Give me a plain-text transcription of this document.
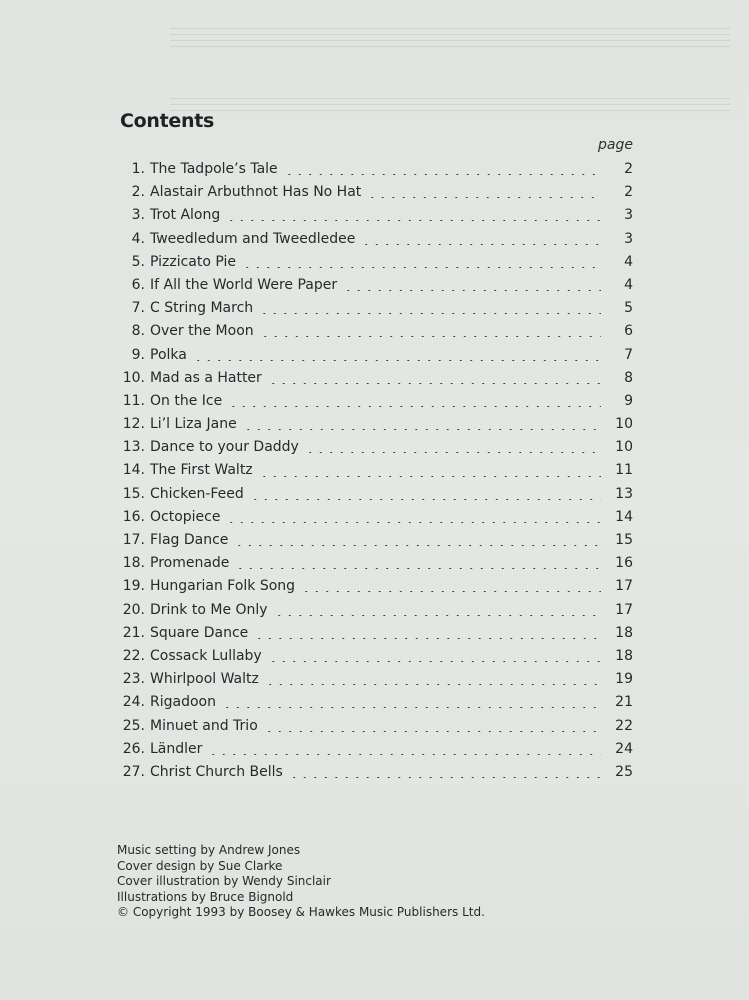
Contents
page
1. The Tadpole’s Tale	2
2. Alastair Arbuthnot Has No Hat	2
3. Trot Along	3
4. Tweedledum and Tweedledee	3
5. Pizzicato Pie	4
6. If All the World Were Paper	4
7. C String March	5
8. Over the Moon	6
9. Polka	7
10. Mad as a Hatter	8
11. On the Ice	9
12. Li’l Liza Jane	10
13. Dance to your Daddy	10
14. The First Waltz	11
15. Chicken-Feed	13
16. Octopiece	14
17. Flag Dance	15
18. Promenade	16
19. Hungarian Folk Song	17
20. Drink to Me Only	17
21. Square Dance	18
22. Cossack Lullaby	18
23. Whirlpool Waltz	19
24. Rigadoon	21
25. Minuet and Trio	22
26. Ländler	24
27. Christ Church Bells	25
Music setting by Andrew Jones
Cover design by Sue Clarke
Cover illustration by Wendy Sinclair
Illustrations by Bruce Bignold
© Copyright 1993 by Boosey & Hawkes Music Publishers Ltd.
